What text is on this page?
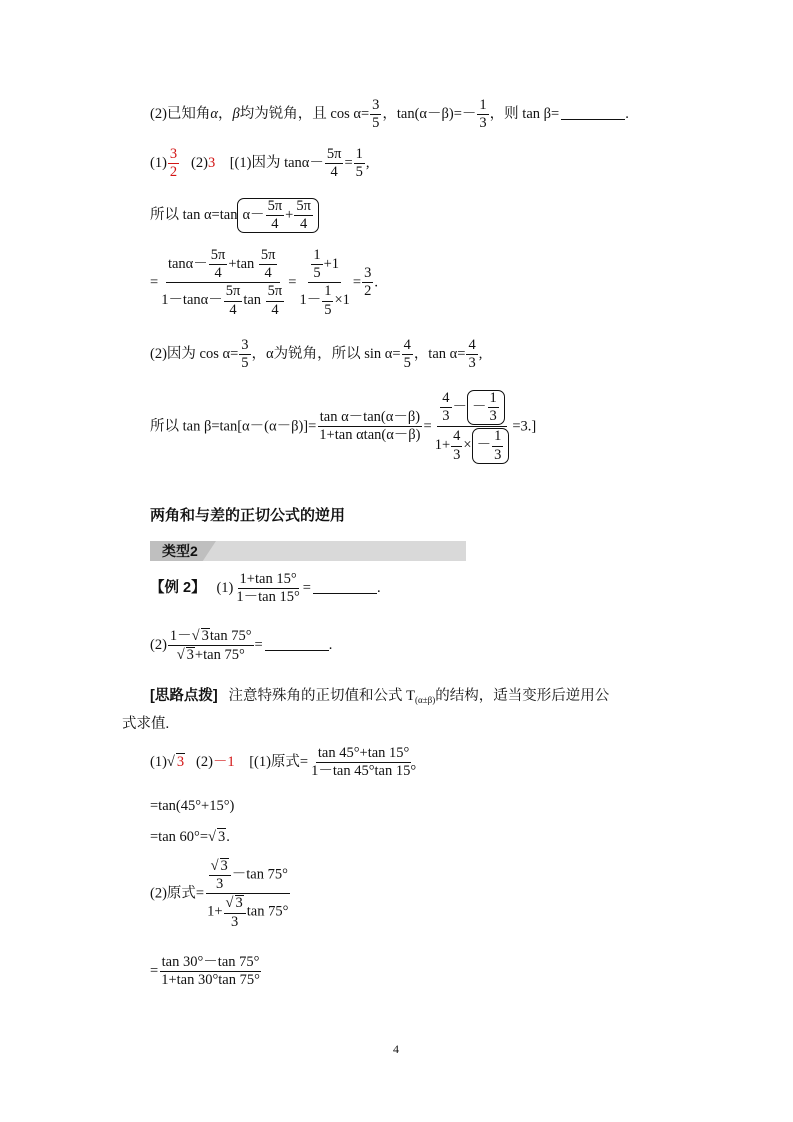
(2)已知角α，β均为锐角，且 $\cos \alpha= \frac{3}{5}$ ，$\tan(\alpha-\beta)=- \frac{1}{3}$ ，则 tan β=	.
$(1) \frac{3}{2} (2)3$ [(1)因为 $\tan\alpha- \frac{5\pi}{4} = \frac{1}{5}$ ,
所以 tan α=tan $\alpha- \frac{5\pi}{4} + \frac{5\pi}{4}$
= $\frac{\tan\alpha- \frac{5\pi}{4} +\tan \frac{5\pi}{4}}{1-\tan\alpha- \frac{5\pi}{4} \tan \frac{5\pi}{4}} = \frac{\frac{1}{5} +1}{1- \frac{1}{5} \times 1} = \frac{3}{2}$ .
(2)因为 $\cos \alpha= \frac{3}{5}$ ，α为锐角，所以 $\sin \alpha= \frac{4}{5}$ ，$\tan \alpha= \frac{4}{3}$ ,
所以 $\tan \beta=\tan[\alpha-(\alpha-\beta)]= \frac{\text{tan α－tan(α－β)}}{\text{1+tan αtan(α－β)}} = \frac{\frac{4}{3} - - \frac{1}{3}}{1+ \frac{4}{3} \times - \frac{1}{3}} =3$.]
两角和与差的正切公式的逆用
类型2
【例 2】 $(1) \frac{1+\tan 15^\circ}{1-\tan 15^\circ}$ =	.
$(2) \frac{1-√ 3\tan 75^\circ}{√ 3+\tan 75^\circ}$ =	.
[思路点拨] 注意特殊角的正切值和公式 $T_{(\alpha\pm\beta)}$的结构，适当变形后逆用公
式求值.
(1)√ 3 (2)－1 [(1)原式= $\frac{\tan 45^\circ+\tan 15^\circ}{1-\tan 45^\circ\tan 15^\circ}$
=tan(45°+15°)
=tan 60°=√ 3.
(2)原式= $\frac{\frac{√ 3}{3} -\tan 75^\circ}{1+ \frac{√ 3}{3} \tan 75^\circ}$
= $\frac{\tan 30^\circ-\tan 75^\circ}{1+\tan 30^\circ\tan 75^\circ}$
4
